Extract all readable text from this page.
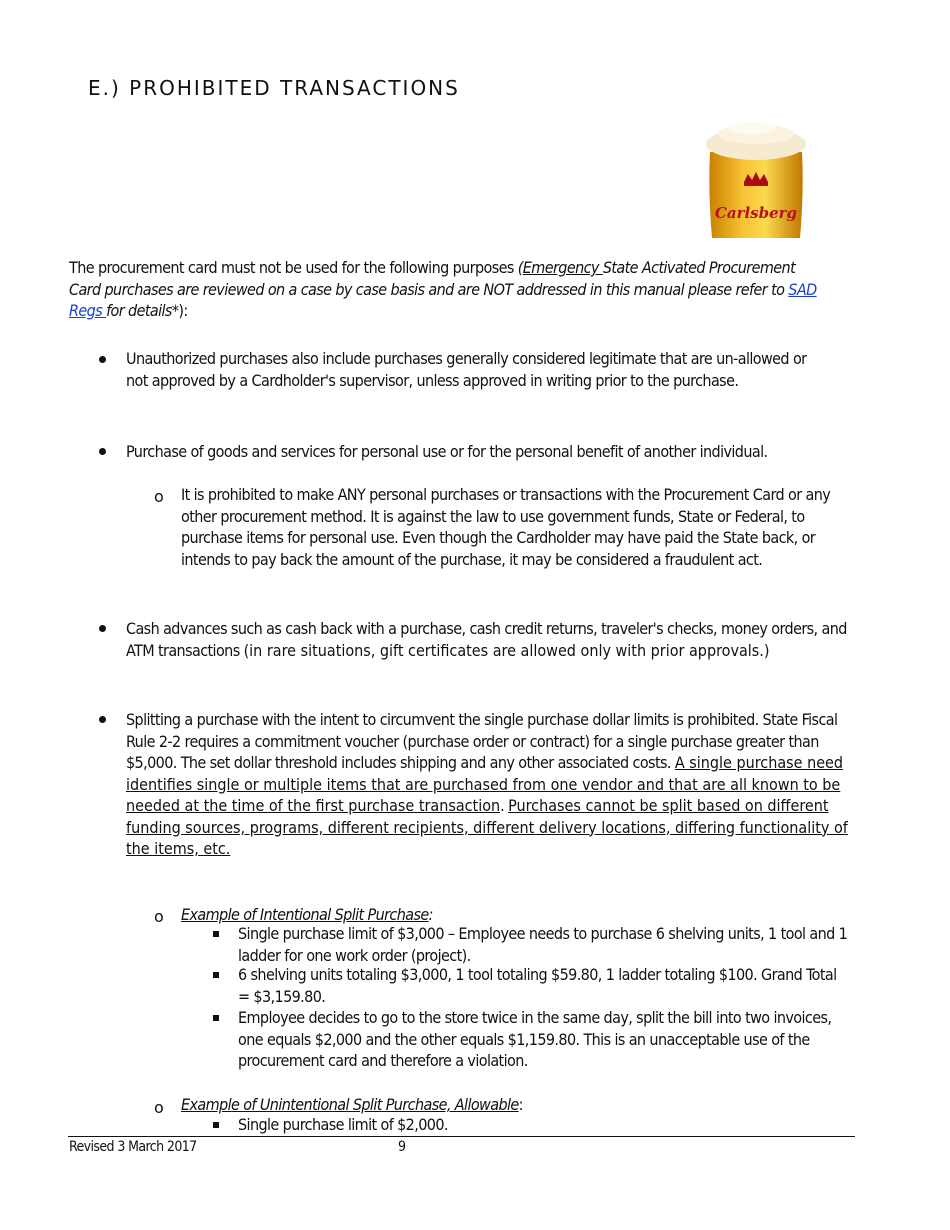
E.) PROHIBITED TRANSACTIONS
Carlsberg
The procurement card must not be used for the following purposes (Emergency State Activated Procurement Card purchases are reviewed on a case by case basis and are NOT addressed in this manual please refer to SAD Regs for details*):
Unauthorized purchases also include purchases generally considered legitimate that are un-allowed or not approved by a Cardholder's supervisor, unless approved in writing prior to the purchase.
Purchase of goods and services for personal use or for the personal benefit of another individual.
o It is prohibited to make ANY personal purchases or transactions with the Procurement Card or any other procurement method. It is against the law to use government funds, State or Federal, to purchase items for personal use. Even though the Cardholder may have paid the State back, or intends to pay back the amount of the purchase, it may be considered a fraudulent act.
Cash advances such as cash back with a purchase, cash credit returns, traveler's checks, money orders, and ATM transactions (in rare situations, gift certificates are allowed only with prior approvals.)
Splitting a purchase with the intent to circumvent the single purchase dollar limits is prohibited. State Fiscal Rule 2-2 requires a commitment voucher (purchase order or contract) for a single purchase greater than $5,000. The set dollar threshold includes shipping and any other associated costs. A single purchase need identifies single or multiple items that are purchased from one vendor and that are all known to be needed at the time of the first purchase transaction. Purchases cannot be split based on different funding sources, programs, different recipients, different delivery locations, differing functionality of the items, etc.
o Example of Intentional Split Purchase:
Single purchase limit of $3,000 – Employee needs to purchase 6 shelving units, 1 tool and 1 ladder for one work order (project).
6 shelving units totaling $3,000, 1 tool totaling $59.80, 1 ladder totaling $100. Grand Total = $3,159.80.
Employee decides to go to the store twice in the same day, split the bill into two invoices, one equals $2,000 and the other equals $1,159.80. This is an unacceptable use of the procurement card and therefore a violation.
o Example of Unintentional Split Purchase, Allowable:
Single purchase limit of $2,000.
Revised 3 March 2017	9
